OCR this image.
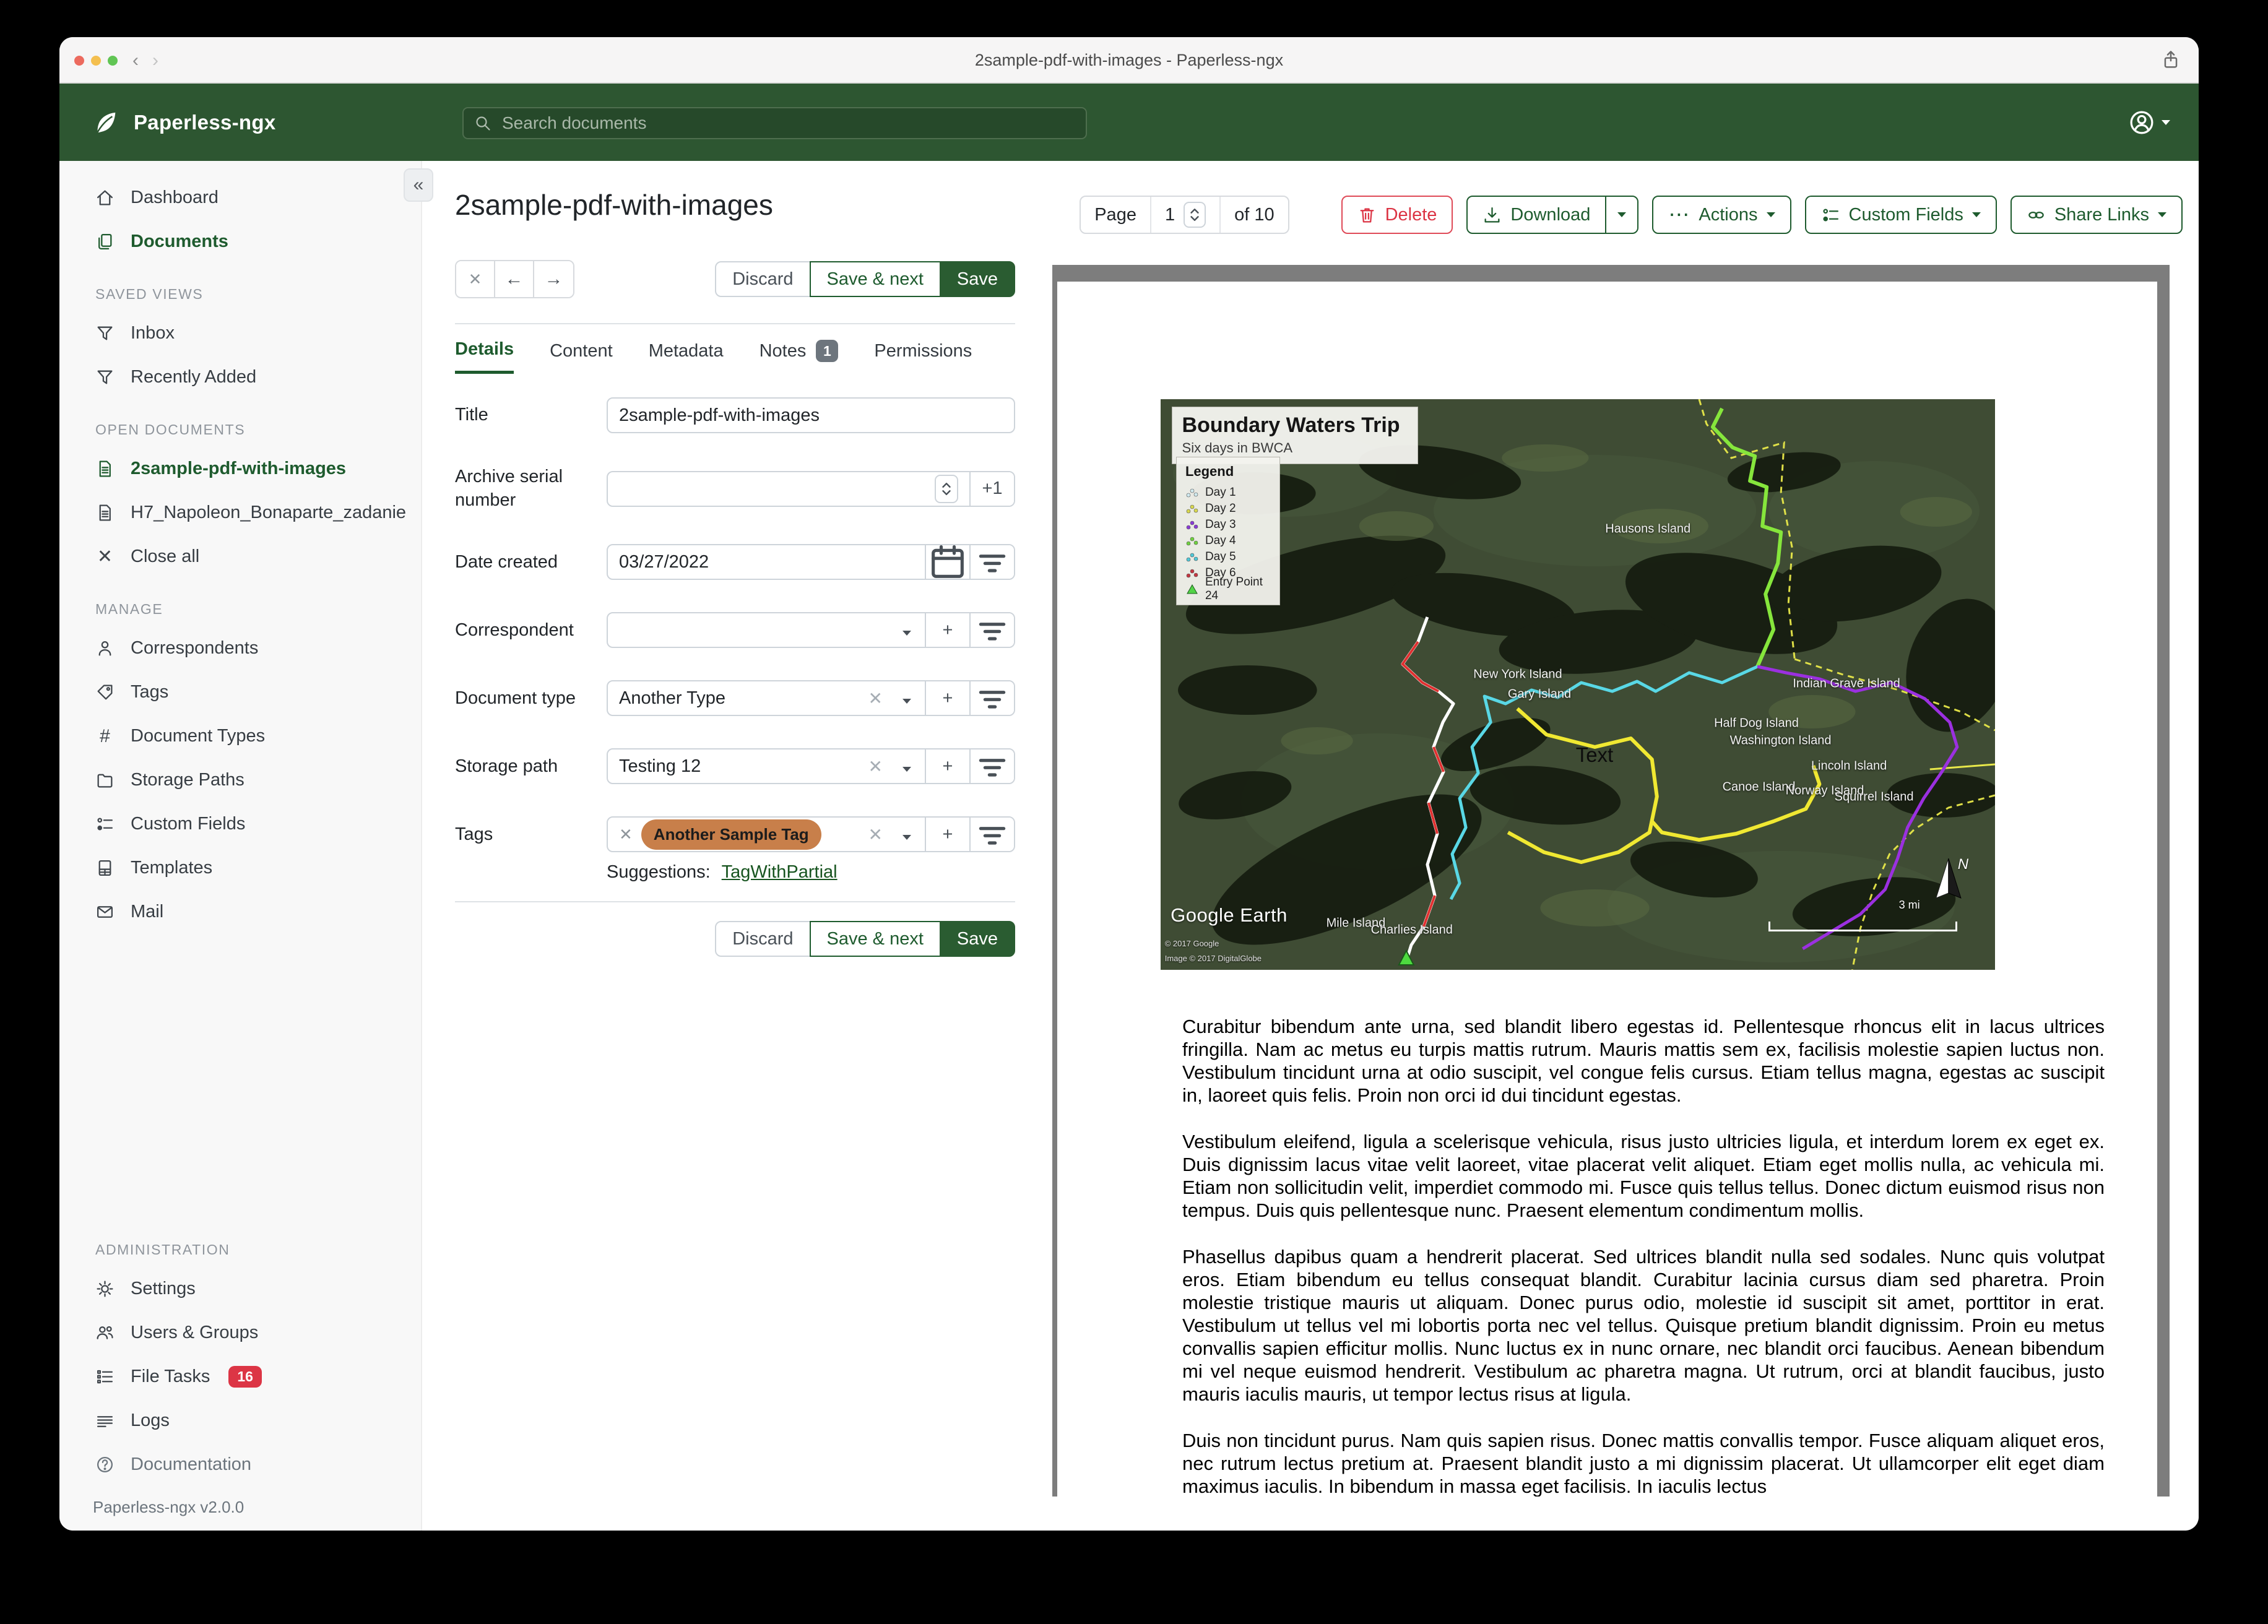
‹ ›	2sample-pdf-with-images - Paperless-ngx
Paperless-ngx
Search documents
«
Dashboard
Documents
SAVED VIEWS
Inbox
Recently Added
OPEN DOCUMENTS
2sample-pdf-with-images
H7_Napoleon_Bonaparte_zadanie
✕ Close all
MANAGE
Correspondents
Tags
# Document Types
Storage Paths
Custom Fields
Templates
Mail
ADMINISTRATION
Settings
Users & Groups
File Tasks	16
Logs
Documentation
Paperless-ngx v2.0.0
2sample-pdf-with-images	Page	1	of 10	Delete	Download	⋯ Actions	Custom Fields	Share Links
✕	←	→	Discard	Save & next	Save
Details Content Metadata Notes	1	Permissions
Title
2sample-pdf-with-images
Archive serial number
+1
Date created
03/27/2022
Correspondent	+
Document type	Another Type	✕	+
Storage path	Testing 12	✕	+
Tags	✕	Another Sample Tag	✕	+
Suggestions: TagWithPartial
Discard	Save & next	Save
Boundary Waters Trip
Six days in BWCA
Legend
Day 1
Day 2
Day 3
Day 4
Day 5
Day 6
Entry Point 24
Hausons Island
New York Island
Gary Island
Indian Grave Island
Half Dog Island
Washington Island
Lincoln Island
Canoe Island
Norway Island
Squirrel Island
Mile Island
Charlies Island
Text
Google Earth
© 2017 Google
Image © 2017 DigitalGlobe
3 mi
N

Curabitur bibendum ante urna, sed blandit libero egestas id. Pellentesque rhoncus elit in lacus ultrices fringilla. Nam ac metus eu turpis mattis rutrum. Mauris mattis sem ex, facilisis molestie sapien luctus non. Vestibulum tincidunt urna at odio suscipit, vel congue felis cursus. Etiam tellus magna, egestas ac suscipit in, laoreet quis felis. Proin non orci id dui tincidunt egestas.

Vestibulum eleifend, ligula a scelerisque vehicula, risus justo ultricies ligula, et interdum lorem ex eget ex. Duis dignissim lacus vitae velit laoreet, vitae placerat velit aliquet. Etiam eget mollis nulla, ac vehicula mi. Etiam non sollicitudin velit, imperdiet commodo mi. Fusce quis tellus tellus. Donec dictum euismod risus non tempus. Duis quis pellentesque nunc. Praesent elementum condimentum mollis.

Phasellus dapibus quam a hendrerit placerat. Sed ultrices blandit nulla sed sodales. Nunc quis volutpat eros. Etiam bibendum eu tellus consequat blandit. Curabitur lacinia cursus diam sed pharetra. Proin molestie tristique mauris ut aliquam. Donec purus odio, molestie id suscipit sit amet, porttitor in erat. Vestibulum ut tellus vel mi lobortis porta nec vel tellus. Quisque pretium blandit dignissim. Proin eu metus convallis sapien efficitur mollis. Nunc luctus ex in nunc ornare, nec blandit orci faucibus. Aenean bibendum mi vel neque euismod hendrerit. Vestibulum ac pharetra magna. Ut rutrum, orci at blandit faucibus, justo mauris iaculis mauris, ut tempor lectus risus at ligula.

Duis non tincidunt purus. Nam quis sapien risus. Donec mattis convallis tempor. Fusce aliquam aliquet eros, nec rutrum lectus pretium at. Praesent blandit justo a mi dignissim placerat. Ut ullamcorper elit eget diam maximus iaculis. In bibendum in massa eget facilisis. In iaculis lectus
